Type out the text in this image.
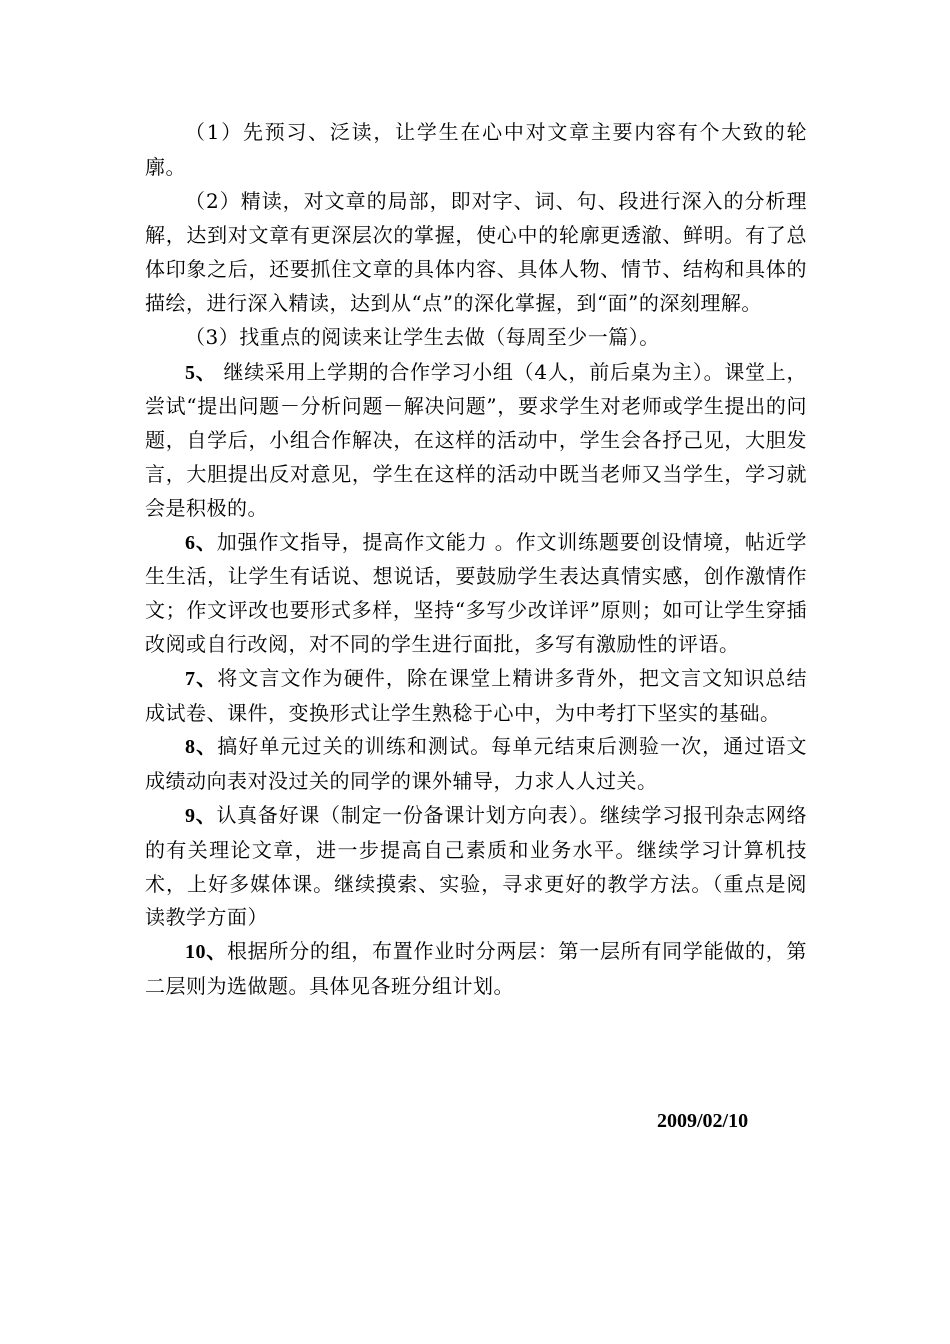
（1）先预习、泛读，让学生在心中对文章主要内容有个大致的轮廓。

（2）精读，对文章的局部，即对字、词、句、段进行深入的分析理解，达到对文章有更深层次的掌握，使心中的轮廓更透澈、鲜明。有了总体印象之后，还要抓住文章的具体内容、具体人物、情节、结构和具体的描绘，进行深入精读，达到从“点”的深化掌握，到“面”的深刻理解。

（3）找重点的阅读来让学生去做（每周至少一篇）。

5、 继续采用上学期的合作学习小组（4人，前后桌为主）。课堂上，尝试“提出问题－分析问题－解决问题”，要求学生对老师或学生提出的问题，自学后，小组合作解决，在这样的活动中，学生会各抒己见，大胆发言，大胆提出反对意见，学生在这样的活动中既当老师又当学生，学习就会是积极的。

6、加强作文指导，提高作文能力 。作文训练题要创设情境，帖近学生生活，让学生有话说、想说话，要鼓励学生表达真情实感，创作激情作文；作文评改也要形式多样，坚持“多写少改详评”原则；如可让学生穿插改阅或自行改阅，对不同的学生进行面批，多写有激励性的评语。

7、将文言文作为硬件，除在课堂上精讲多背外，把文言文知识总结成试卷、课件，变换形式让学生熟稔于心中，为中考打下坚实的基础。

8、搞好单元过关的训练和测试。每单元结束后测验一次，通过语文成绩动向表对没过关的同学的课外辅导，力求人人过关。

9、认真备好课（制定一份备课计划方向表）。继续学习报刊杂志网络的有关理论文章，进一步提高自己素质和业务水平。继续学习计算机技术，上好多媒体课。继续摸索、实验，寻求更好的教学方法。（重点是阅读教学方面）

10、根据所分的组，布置作业时分两层：第一层所有同学能做的，第二层则为选做题。具体见各班分组计划。

2009/02/10
